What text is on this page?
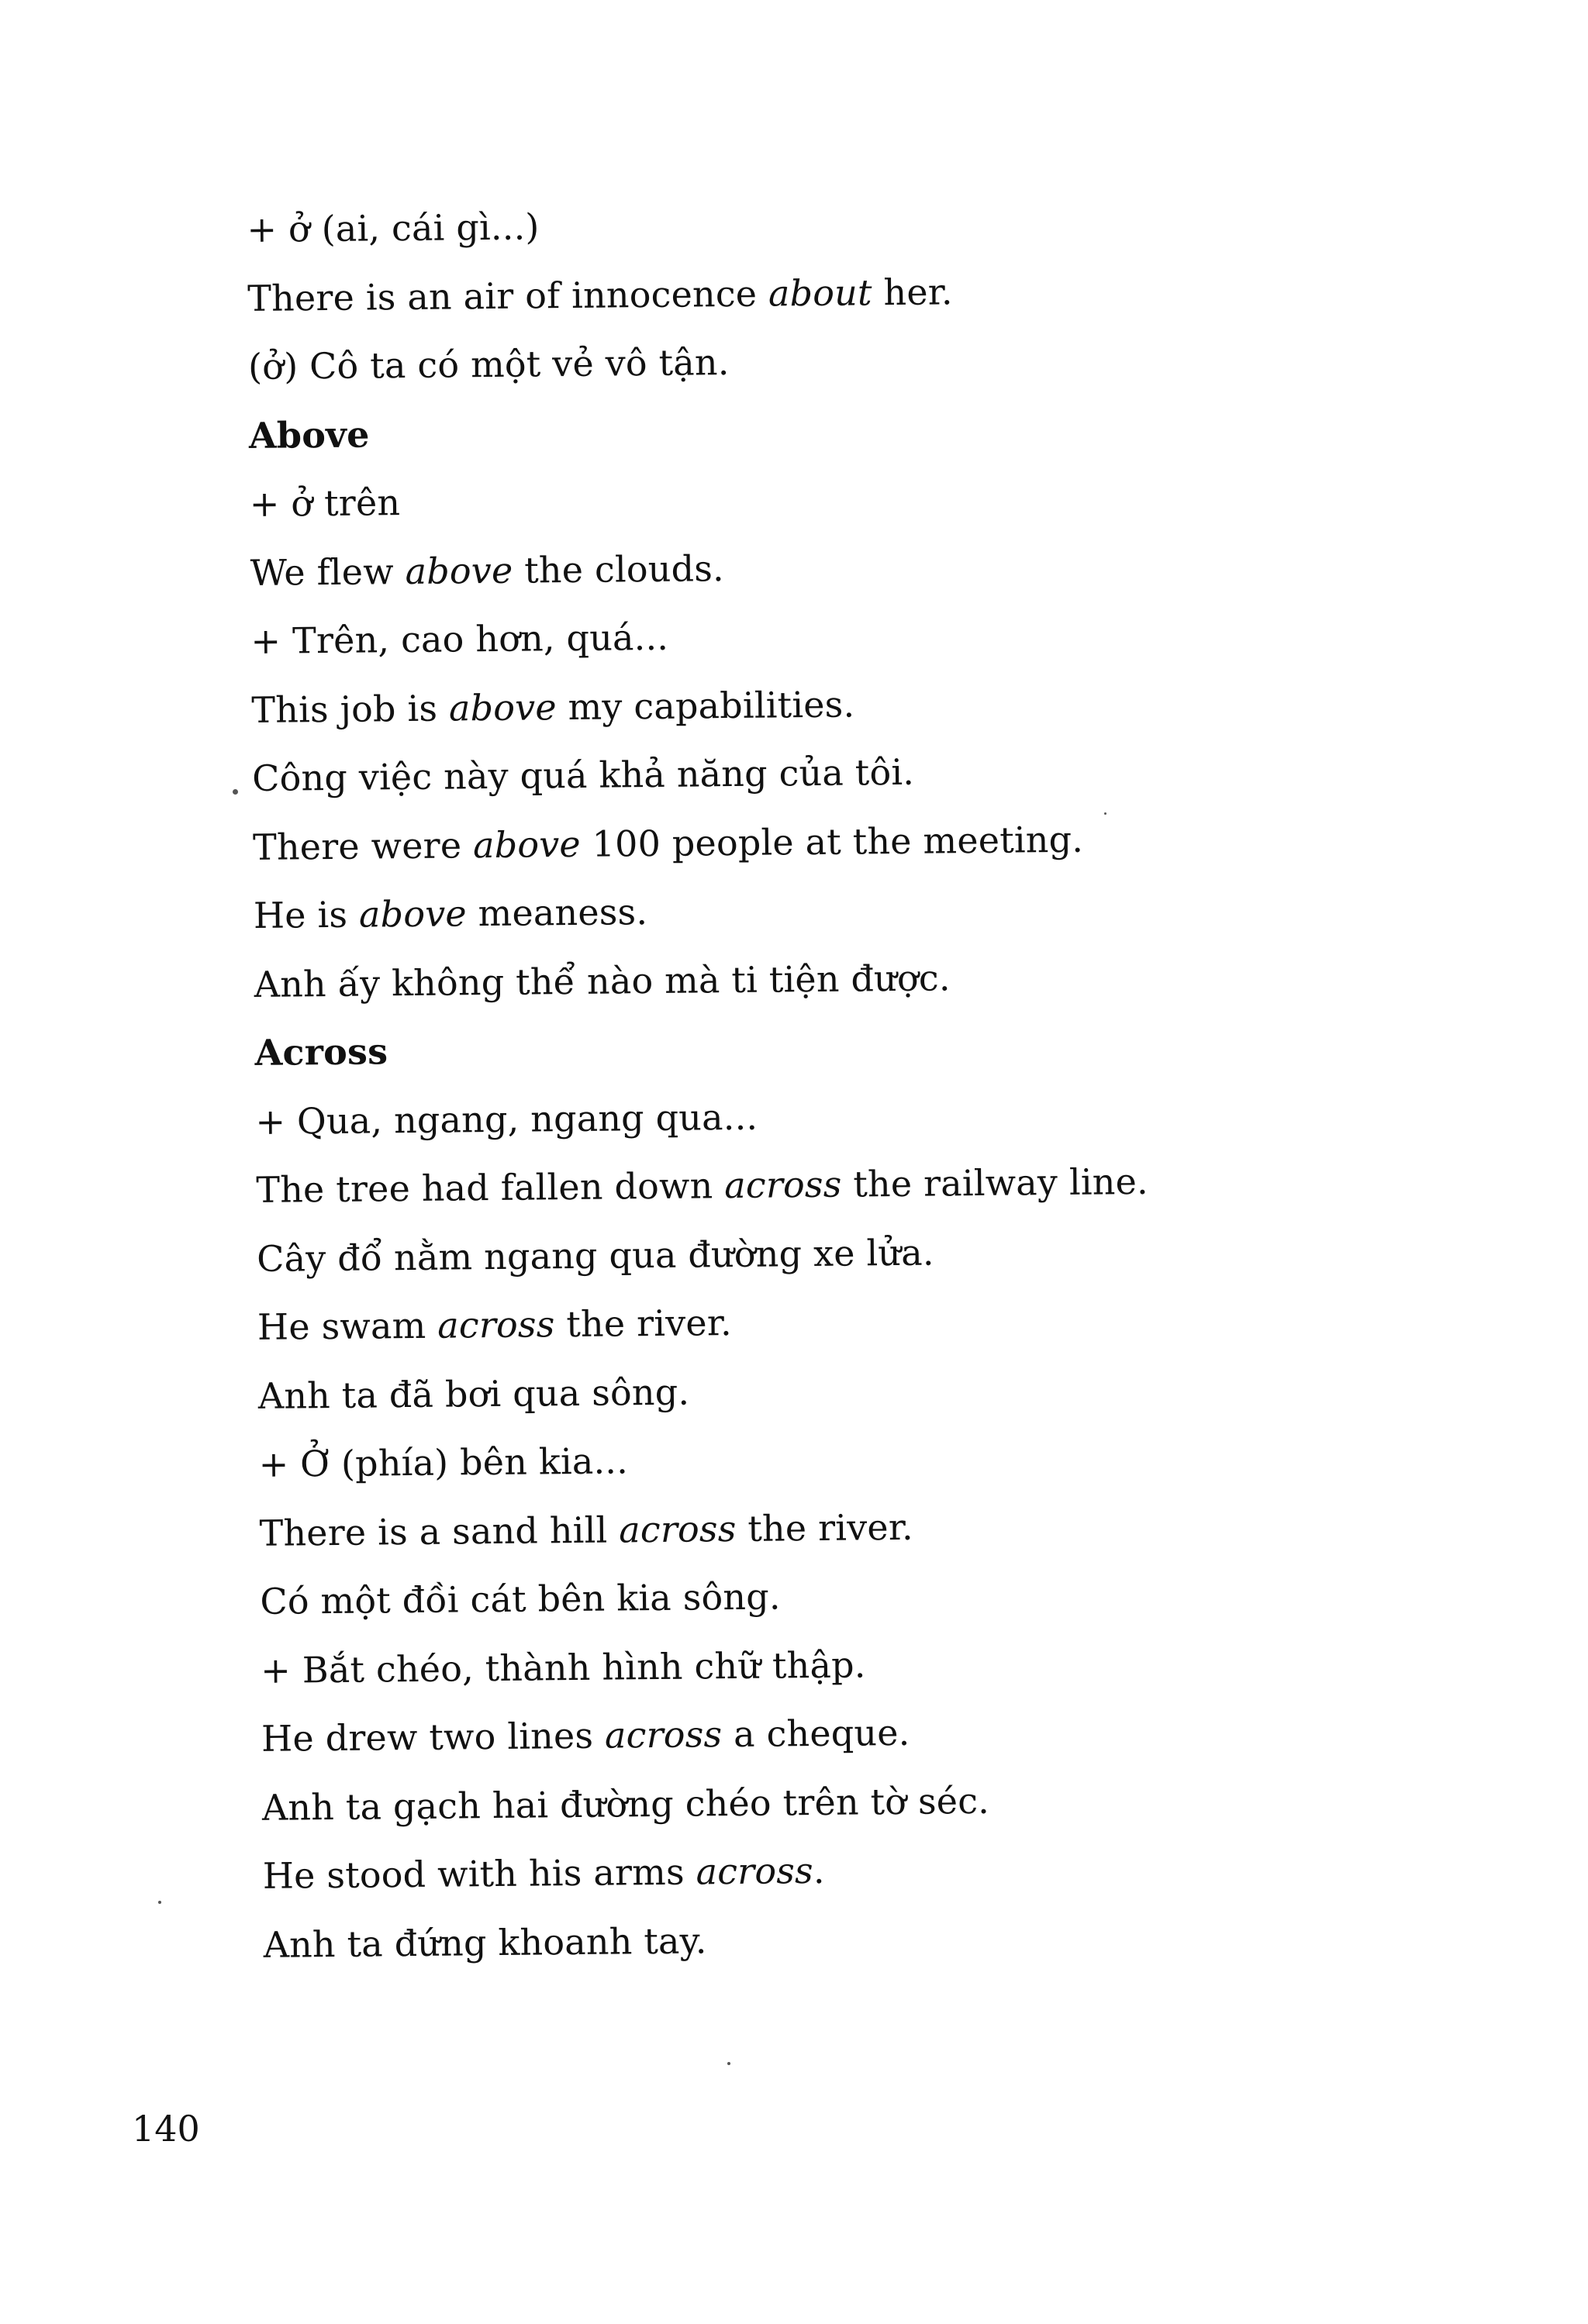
+ ở (ai, cái gì...)
There is an air of innocence about her.
(ở) Cô ta có một vẻ vô tận.
Above
+ ở trên
We flew above the clouds.
+ Trên, cao hơn, quá...
This job is above my capabilities.
Công việc này quá khả năng của tôi.
There were above 100 people at the meeting.
He is above meaness.
Anh ấy không thể nào mà ti tiện được.
Across
+ Qua, ngang, ngang qua...
The tree had fallen down across the railway line.
Cây đổ nằm ngang qua đường xe lửa.
He swam across the river.
Anh ta đã bơi qua sông.
+ Ở (phía) bên kia...
There is a sand hill across the river.
Có một đồi cát bên kia sông.
+ Bắt chéo, thành hình chữ thập.
He drew two lines across a cheque.
Anh ta gạch hai đường chéo trên tờ séc.
He stood with his arms across.
Anh ta đứng khoanh tay.
140
